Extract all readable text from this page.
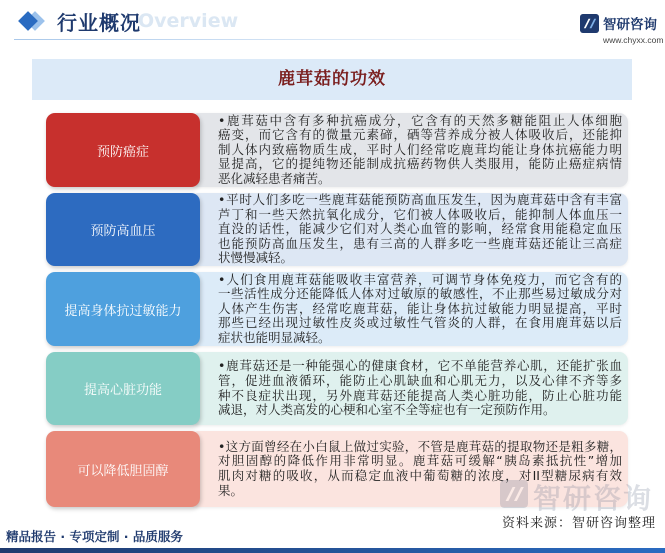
Overview
行业概况	智研咨询
www.chyxx.com
鹿茸菇的功效
•鹿茸菇中含有多种抗癌成分，它含有的天然多糖能阻止人体细胞
癌变，而它含有的微量元素碲，硒等营养成分被人体吸收后，还能抑
制人体内致癌物质生成，平时人们经常吃鹿茸均能让身体抗癌能力明
显提高，它的提纯物还能制成抗癌药物供人类服用，能防止癌症病情
恶化减轻患者痛苦。
预防癌症
•平时人们多吃一些鹿茸菇能预防高血压发生，因为鹿茸菇中含有丰富
芦丁和一些天然抗氧化成分，它们被人体吸收后，能抑制人体血压一
直没的话性，能减少它们对人类心血管的影响，经常食用能稳定血压
也能预防高血压发生，患有三高的人群多吃一些鹿茸菇还能让三高症
状慢慢减轻。
预防高血压
•人们食用鹿茸菇能吸收丰富营养，可调节身体免疫力，而它含有的
一些活性成分还能降低人体对过敏原的敏感性，不止那些易过敏成分对
人体产生伤害，经常吃鹿茸菇，能让身体抗过敏能力明显提高，平时
那些已经出现过敏性皮炎或过敏性气管炎的人群，在食用鹿茸菇以后
症状也能明显减轻。
提高身体抗过敏能力
•鹿茸菇还是一种能强心的健康食材，它不单能营养心肌，还能扩张血
管，促进血液循环，能防止心肌缺血和心肌无力，以及心律不齐等多
种不良症状出现，另外鹿茸菇还能提高人类心脏功能，防止心脏功能
减退，对人类高发的心梗和心室不全等症也有一定预防作用。
提高心脏功能
•这方面曾经在小白鼠上做过实验，不管是鹿茸菇的提取物还是粗多糖，
对胆固醇的降低作用非常明显。鹿茸菇可缓解“胰岛素抵抗性”增加
肌肉对糖的吸收，从而稳定血液中葡萄糖的浓度，对II型糖尿病有效
果。
可以降低胆固醇
智研咨询
资料来源：智研咨询整理
精品报告 · 专项定制 · 品质服务
